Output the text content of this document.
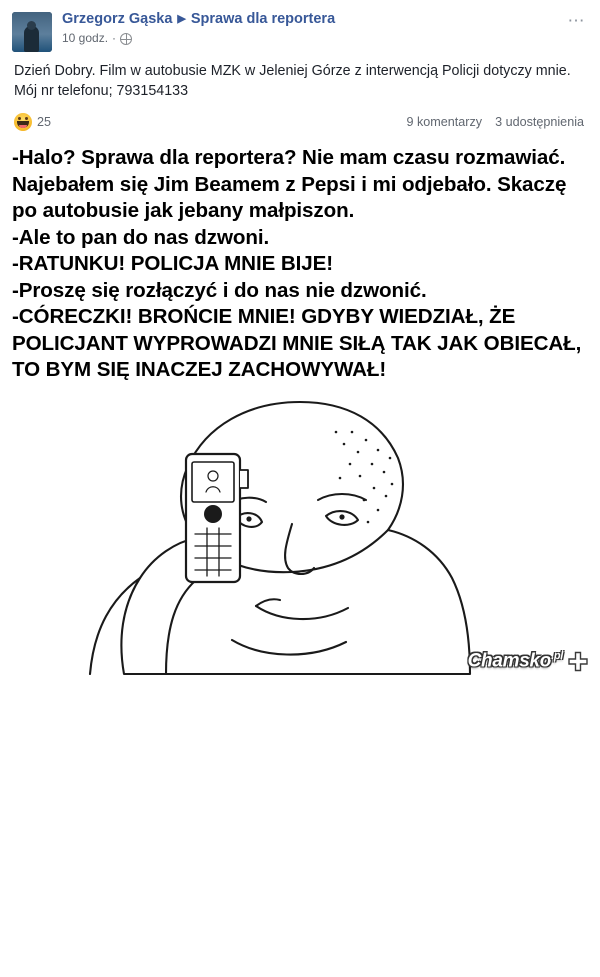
Grzegorz Gąska ▶ Sprawa dla reportera
10 godz. ·
⋯
Dzień Dobry. Film w autobusie MZK w Jeleniej Górze z interwencją Policji dotyczy mnie. Mój nr telefonu; 793154133
25	9 komentarzy 3 udostępnienia

-Halo? Sprawa dla reportera? Nie mam czasu rozmawiać. Najebałem się Jim Beamem z Pepsi i mi odjebało. Skaczę po autobusie jak jebany małpiszon.

-Ale to pan do nas dzwoni.

-RATUNKU! POLICJA MNIE BIJE!

-Proszę się rozłączyć i do nas nie dzwonić.

-CÓRECZKI! BROŃCIE MNIE! GDYBY WIEDZIAŁ, ŻE POLICJANT WYPROWADZI MNIE SIŁĄ TAK JAK OBIECAŁ, TO BYM SIĘ INACZEJ ZACHOWYWAŁ!

Chamsko$^{.pl}$
